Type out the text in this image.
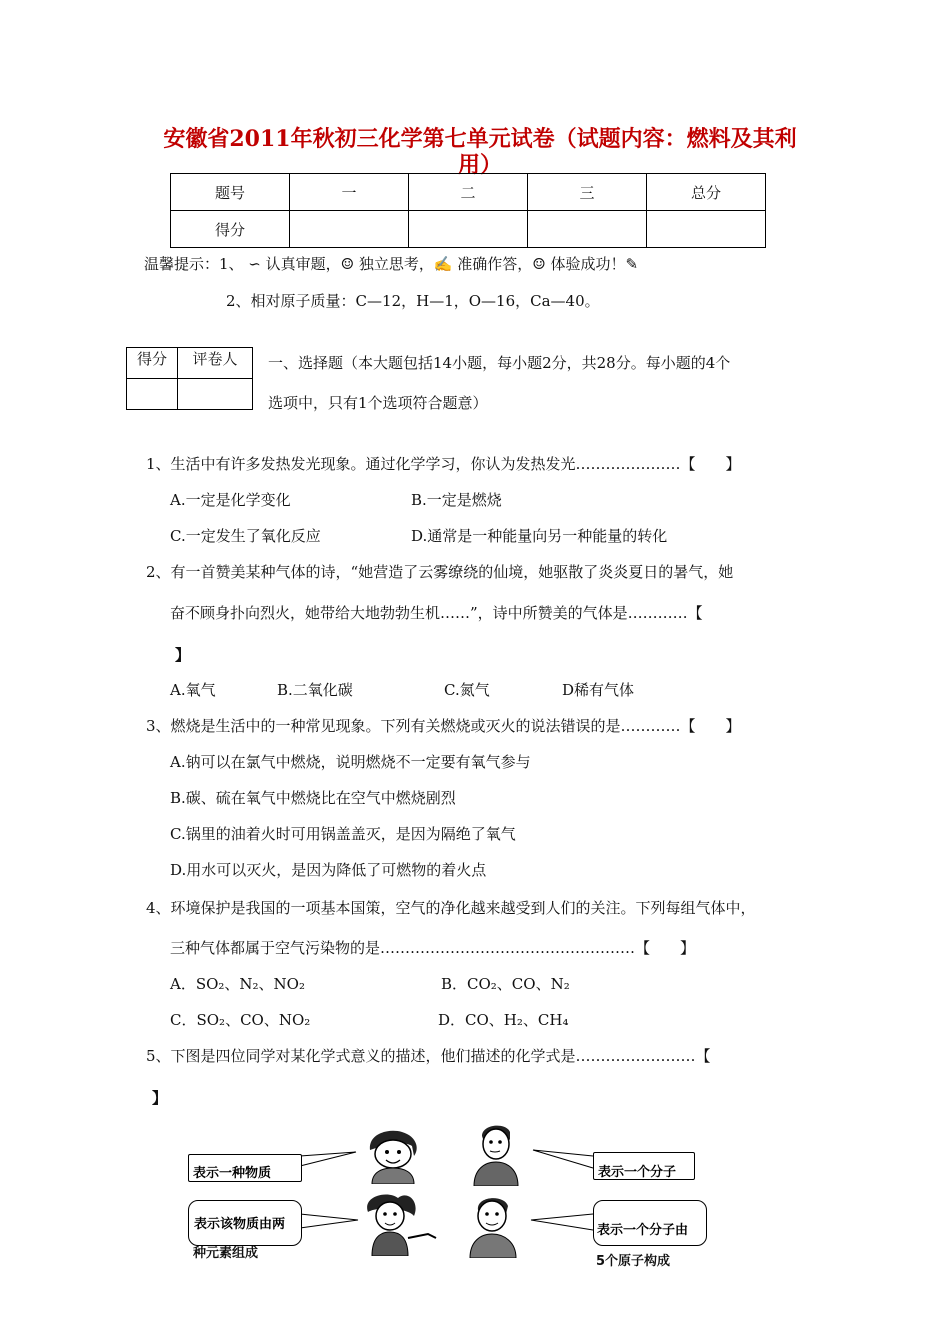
安徽省2011年秋初三化学第七单元试卷（试题内容：燃料及其利用）
题号	一	二	三	总分
得分				
温馨提示：1、 ∽ 认真审题，☺ 独立思考，✍ 准确作答，☺ 体验成功！✎
2、相对原子质量：C—12，H—1，O—16，Ca—40。
得分	评卷人
	一、选择题（本大题包括14小题，每小题2分，共28分。每小题的4个
选项中，只有1个选项符合题意）
1、生活中有许多发热发光现象。通过化学学习，你认为发热发光…………………【　　】
A.一定是化学变化	B.一定是燃烧
C.一定发生了氧化反应	D.通常是一种能量向另一种能量的转化
2、有一首赞美某种气体的诗，“她营造了云雾缭绕的仙境，她驱散了炎炎夏日的暑气，她
奋不顾身扑向烈火，她带给大地勃勃生机……”，诗中所赞美的气体是…………【
】
A.氧气	B.二氧化碳	C.氮气	D稀有气体
3、燃烧是生活中的一种常见现象。下列有关燃烧或灭火的说法错误的是…………【　　】
A.钠可以在氯气中燃烧，说明燃烧不一定要有氧气参与
B.碳、硫在氧气中燃烧比在空气中燃烧剧烈
C.锅里的油着火时可用锅盖盖灭，是因为隔绝了氧气
D.用水可以灭火，是因为降低了可燃物的着火点
4、环境保护是我国的一项基本国策，空气的净化越来越受到人们的关注。下列每组气体中，
三种气体都属于空气污染物的是……………………………………………【　　】
A．SO₂、N₂、NO₂	B．CO₂、CO、N₂
C．SO₂、CO、NO₂	D．CO、H₂、CH₄
5、下图是四位同学对某化学式意义的描述，他们描述的化学式是……………………【
】
表示一种物质	表示一个分子
表示该物质由两
种元素组成
表示一个分子由
5个原子构成
